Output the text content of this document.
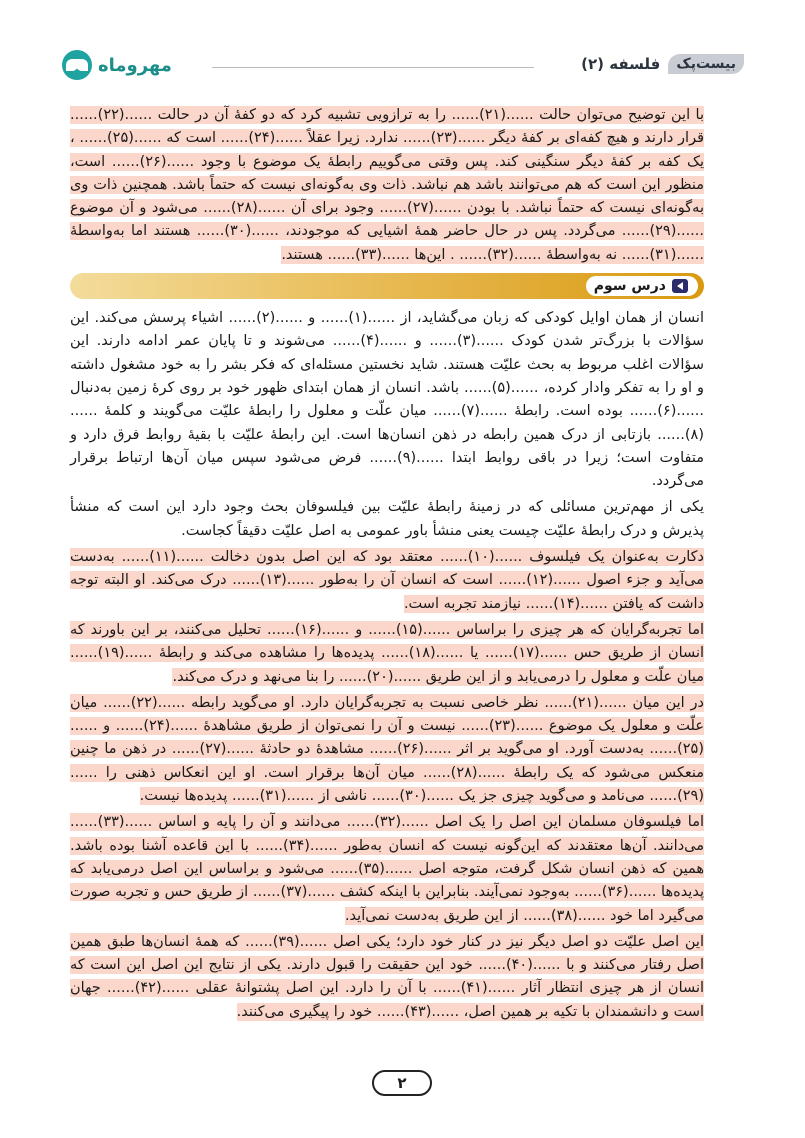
بیست‌پک
فلسفه (۲)
مهروماه

با این توضیح می‌توان حالت ......(۲۱)...... را به ترازویی تشبیه کرد که دو کفهٔ آن در حالت ......(۲۲)...... قرار دارند و هیچ کفه‌ای بر کفهٔ دیگر ......(۲۳)...... ندارد. زیرا عقلاً ......(۲۴)...... است که ......(۲۵)...... ، یک کفه بر کفهٔ دیگر سنگینی کند. پس وقتی می‌گوییم رابطهٔ یک موضوع با وجود ......(۲۶)...... است، منظور این است که هم می‌توانند باشد هم نباشد. ذات وی به‌گونه‌ای نیست که حتماً باشد. همچنین ذات وی به‌گونه‌ای نیست که حتماً نباشد. با بودن ......(۲۷)...... وجود برای آن ......(۲۸)...... می‌شود و آن موضوع ......(۲۹)...... می‌گردد. پس در حال حاضر همهٔ اشیایی که موجودند، ......(۳۰)...... هستند اما به‌واسطهٔ ......(۳۱)...... نه به‌واسطهٔ ......(۳۲)...... . این‌ها ......(۳۳)...... هستند.

درس سوم

انسان از همان اوایل کودکی که زبان می‌گشاید، از ......(۱)...... و ......(۲)...... اشیاء پرسش می‌کند. این سؤالات با بزرگ‌تر شدن کودک ......(۳)...... و ......(۴)...... می‌شوند و تا پایان عمر ادامه دارند. این سؤالات اغلب مربوط به بحث علیّت هستند. شاید نخستین مسئله‌ای که فکر بشر را به خود مشغول داشته و او را به تفکر وادار کرده، ......(۵)...... باشد. انسان از همان ابتدای ظهور خود بر روی کرهٔ زمین به‌دنبال ......(۶)...... بوده است. رابطهٔ ......(۷)...... میان علّت و معلول را رابطهٔ علیّت می‌گویند و کلمهٔ ......(۸)...... بازتابی از درک همین رابطه در ذهن انسان‌ها است. این رابطهٔ علیّت با بقیهٔ روابط فرق دارد و متفاوت است؛ زیرا در باقی روابط ابتدا ......(۹)...... فرض می‌شود سپس میان آن‌ها ارتباط برقرار می‌گردد.

یکی از مهم‌ترین مسائلی که در زمینهٔ رابطهٔ علیّت بین فیلسوفان بحث وجود دارد این است که منشأ پذیرش و درک رابطهٔ علیّت چیست یعنی منشأ باور عمومی به اصل علیّت دقیقاً کجاست.

دکارت به‌عنوان یک فیلسوف ......(۱۰)...... معتقد بود که این اصل بدون دخالت ......(۱۱)...... به‌دست می‌آید و جزء اصول ......(۱۲)...... است که انسان آن را به‌طور ......(۱۳)...... درک می‌کند. او البته توجه داشت که یافتن ......(۱۴)...... نیازمند تجربه است.

اما تجربه‌گرایان که هر چیزی را براساس ......(۱۵)...... و ......(۱۶)...... تحلیل می‌کنند، بر این باورند که انسان از طریق حس ......(۱۷)...... یا ......(۱۸)...... پدیده‌ها را مشاهده می‌کند و رابطهٔ ......(۱۹)...... میان علّت و معلول را درمی‌یابد و از این طریق ......(۲۰)...... را بنا می‌نهد و درک می‌کند.

در این میان ......(۲۱)...... نظر خاصی نسبت به تجربه‌گرایان دارد. او می‌گوید رابطه ......(۲۲)...... میان علّت و معلول یک موضوع ......(۲۳)...... نیست و آن را نمی‌توان از طریق مشاهدهٔ ......(۲۴)...... و ......(۲۵)...... به‌دست آورد. او می‌گوید بر اثر ......(۲۶)...... مشاهدهٔ دو حادثهٔ ......(۲۷)...... در ذهن ما چنین منعکس می‌شود که یک رابطهٔ ......(۲۸)...... میان آن‌ها برقرار است. او این انعکاس ذهنی را ......(۲۹)...... می‌نامد و می‌گوید چیزی جز یک ......(۳۰)...... ناشی از ......(۳۱)...... پدیده‌ها نیست.

اما فیلسوفان مسلمان این اصل را یک اصل ......(۳۲)...... می‌دانند و آن را پایه و اساس ......(۳۳)...... می‌دانند. آن‌ها معتقدند که این‌گونه نیست که انسان به‌طور ......(۳۴)...... با این قاعده آشنا بوده باشد. همین که ذهن انسان شکل گرفت، متوجه اصل ......(۳۵)...... می‌شود و براساس این اصل درمی‌یابد که پدیده‌ها ......(۳۶)...... به‌وجود نمی‌آیند. بنابراین با اینکه کشف ......(۳۷)...... از طریق حس و تجربه صورت می‌گیرد اما خود ......(۳۸)...... از این طریق به‌دست نمی‌آید.

این اصل علیّت دو اصل دیگر نیز در کنار خود دارد؛ یکی اصل ......(۳۹)...... که همهٔ انسان‌ها طبق همین اصل رفتار می‌کنند و با ......(۴۰)...... خود این حقیقت را قبول دارند. یکی از نتایج این اصل این است که انسان از هر چیزی انتظار آثار ......(۴۱)...... با آن را دارد. این اصل پشتوانهٔ عقلی ......(۴۲)...... جهان است و دانشمندان با تکیه بر همین اصل، ......(۴۳)...... خود را پیگیری می‌کنند.

۲
